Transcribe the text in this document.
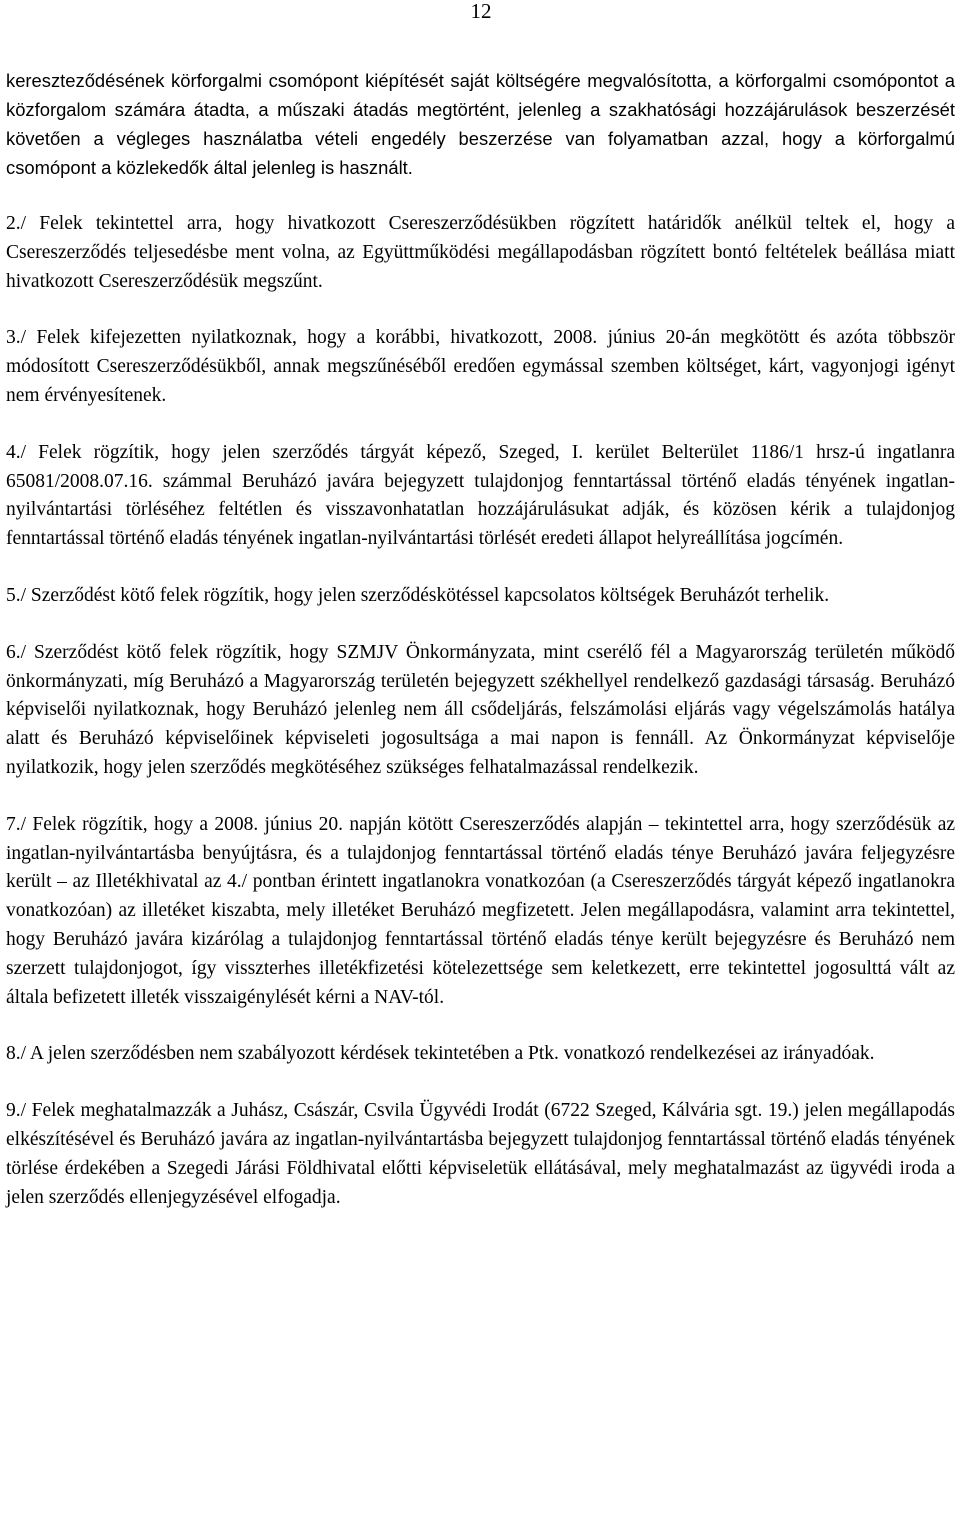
12

kereszteződésének körforgalmi csomópont kiépítését saját költségére megvalósította, a körforgalmi csomópontot a közforgalom számára átadta, a műszaki átadás megtörtént, jelenleg a szakhatósági hozzájárulások beszerzését követően a végleges használatba vételi engedély beszerzése van folyamatban azzal, hogy a körforgalmú csomópont a közlekedők által jelenleg is használt.

2./ Felek tekintettel arra, hogy hivatkozott Csereszerződésükben rögzített határidők anélkül teltek el, hogy a Csereszerződés teljesedésbe ment volna, az Együttműködési megállapodásban rögzített bontó feltételek beállása miatt hivatkozott Csereszerződésük megszűnt.

3./ Felek kifejezetten nyilatkoznak, hogy a korábbi, hivatkozott, 2008. június 20-án megkötött és azóta többször módosított Csereszerződésükből, annak megszűnéséből eredően egymással szemben költséget, kárt, vagyonjogi igényt nem érvényesítenek.

4./ Felek rögzítik, hogy jelen szerződés tárgyát képező, Szeged, I. kerület Belterület 1186/1 hrsz-ú ingatlanra 65081/2008.07.16. számmal Beruházó javára bejegyzett tulajdonjog fenntartással történő eladás tényének ingatlan-nyilvántartási törléséhez feltétlen és visszavonhatatlan hozzájárulásukat adják, és közösen kérik a tulajdonjog fenntartással történő eladás tényének ingatlan-nyilvántartási törlését eredeti állapot helyreállítása jogcímén.

5./ Szerződést kötő felek rögzítik, hogy jelen szerződéskötéssel kapcsolatos költségek Beruházót terhelik.

6./ Szerződést kötő felek rögzítik, hogy SZMJV Önkormányzata, mint cserélő fél a Magyarország területén működő önkormányzati, míg Beruházó a Magyarország területén bejegyzett székhellyel rendelkező gazdasági társaság. Beruházó képviselői nyilatkoznak, hogy Beruházó jelenleg nem áll csődeljárás, felszámolási eljárás vagy végelszámolás hatálya alatt és Beruházó képviselőinek képviseleti jogosultsága a mai napon is fennáll. Az Önkormányzat képviselője nyilatkozik, hogy jelen szerződés megkötéséhez szükséges felhatalmazással rendelkezik.

7./ Felek rögzítik, hogy a 2008. június 20. napján kötött Csereszerződés alapján – tekintettel arra, hogy szerződésük az ingatlan-nyilvántartásba benyújtásra, és a tulajdonjog fenntartással történő eladás ténye Beruházó javára feljegyzésre került – az Illetékhivatal az 4./ pontban érintett ingatlanokra vonatkozóan (a Csereszerződés tárgyát képező ingatlanokra vonatkozóan) az illetéket kiszabta, mely illetéket Beruházó megfizetett. Jelen megállapodásra, valamint arra tekintettel, hogy Beruházó javára kizárólag a tulajdonjog fenntartással történő eladás ténye került bejegyzésre és Beruházó nem szerzett tulajdonjogot, így visszterhes illetékfizetési kötelezettsége sem keletkezett, erre tekintettel jogosulttá vált az általa befizetett illeték visszaigénylését kérni a NAV-tól.

8./ A jelen szerződésben nem szabályozott kérdések tekintetében a Ptk. vonatkozó rendelkezései az irányadóak.

9./ Felek meghatalmazzák a Juhász, Császár, Csvila Ügyvédi Irodát (6722 Szeged, Kálvária sgt. 19.) jelen megállapodás elkészítésével és Beruházó javára az ingatlan-nyilvántartásba bejegyzett tulajdonjog fenntartással történő eladás tényének törlése érdekében a Szegedi Járási Földhivatal előtti képviseletük ellátásával, mely meghatalmazást az ügyvédi iroda a jelen szerződés ellenjegyzésével elfogadja.
